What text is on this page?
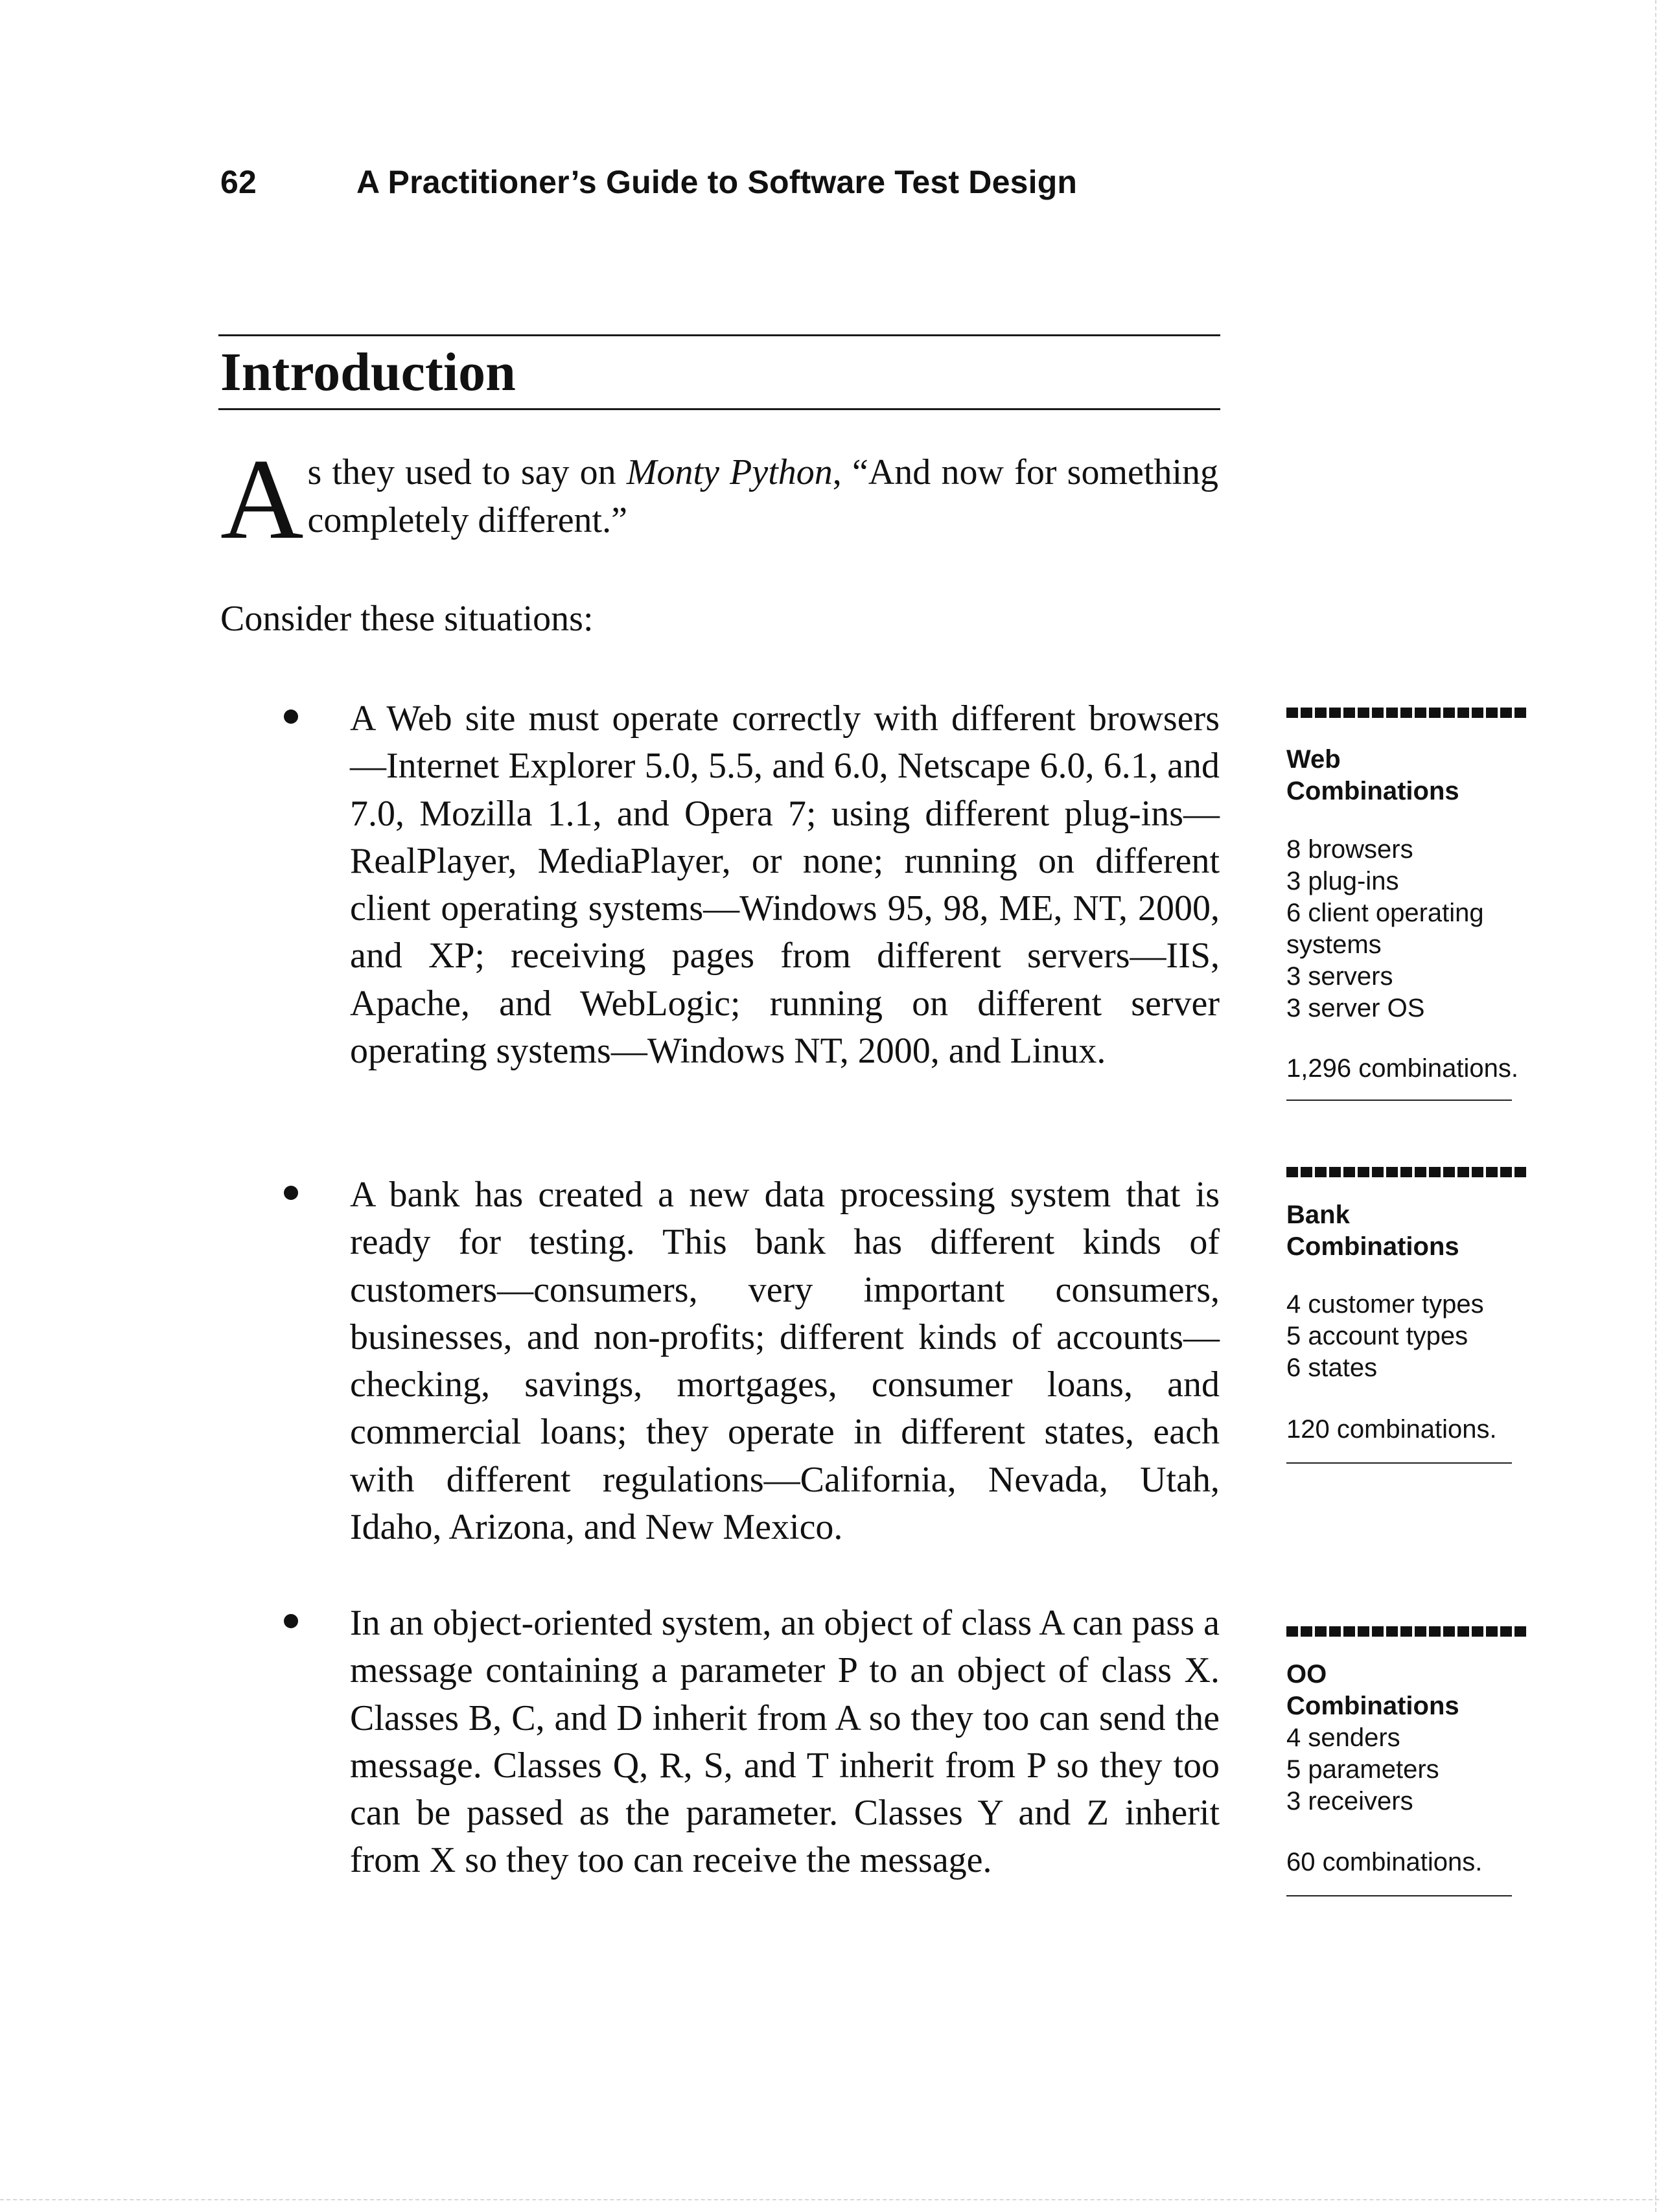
62	A Practitioner’s Guide to Software Test Design
Introduction
As they used to say on Monty Python, “And now for something completely different.”
Consider these situations:

A Web site must operate correctly with different browsers—Internet Explorer 5.0, 5.5, and 6.0, Netscape 6.0, 6.1, and 7.0, Mozilla 1.1, and Opera 7; using different plug-ins—RealPlayer, MediaPlayer, or none; running on different client operating systems—Windows 95, 98, ME, NT, 2000, and XP; receiving pages from different servers—IIS, Apache, and WebLogic; running on different server operating systems—Windows NT, 2000, and Linux.

A bank has created a new data processing system that is ready for testing. This bank has different kinds of customers—consumers, very important consumers, businesses, and non-profits; different kinds of accounts—checking, savings, mortgages, consumer loans, and commercial loans; they operate in different states, each with different regulations—California, Nevada, Utah, Idaho, Arizona, and New Mexico.

In an object-oriented system, an object of class A can pass a message containing a parameter P to an object of class X. Classes B, C, and D inherit from A so they too can send the message. Classes Q, R, S, and T inherit from P so they too can be passed as the parameter. Classes Y and Z inherit from X so they too can receive the message.

Web

Combinations

8 browsers

3 plug-ins

6 client operating

systems

3 servers

3 server OS

1,296 combinations.

Bank

Combinations

4 customer types

5 account types

6 states

120 combinations.

OO

Combinations

4 senders

5 parameters

3 receivers

60 combinations.
